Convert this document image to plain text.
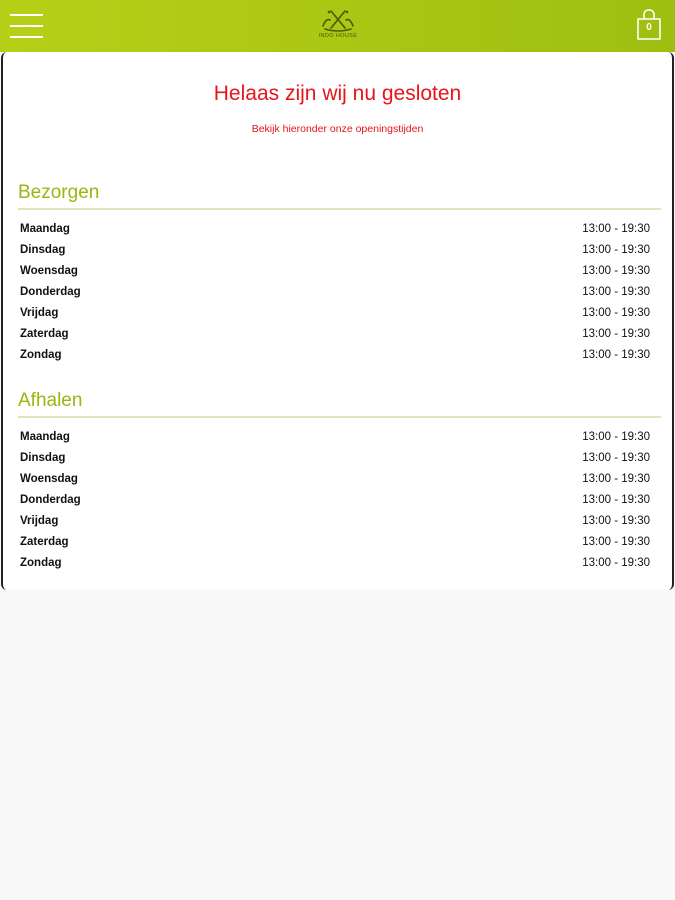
INDO HOUSE
0
Helaas zijn wij nu gesloten
Bekijk hieronder onze openingstijden
Bezorgen
Maandag	13:00 - 19:30
Dinsdag	13:00 - 19:30
Woensdag	13:00 - 19:30
Donderdag	13:00 - 19:30
Vrijdag	13:00 - 19:30
Zaterdag	13:00 - 19:30
Zondag	13:00 - 19:30
Afhalen
Maandag	13:00 - 19:30
Dinsdag	13:00 - 19:30
Woensdag	13:00 - 19:30
Donderdag	13:00 - 19:30
Vrijdag	13:00 - 19:30
Zaterdag	13:00 - 19:30
Zondag	13:00 - 19:30
